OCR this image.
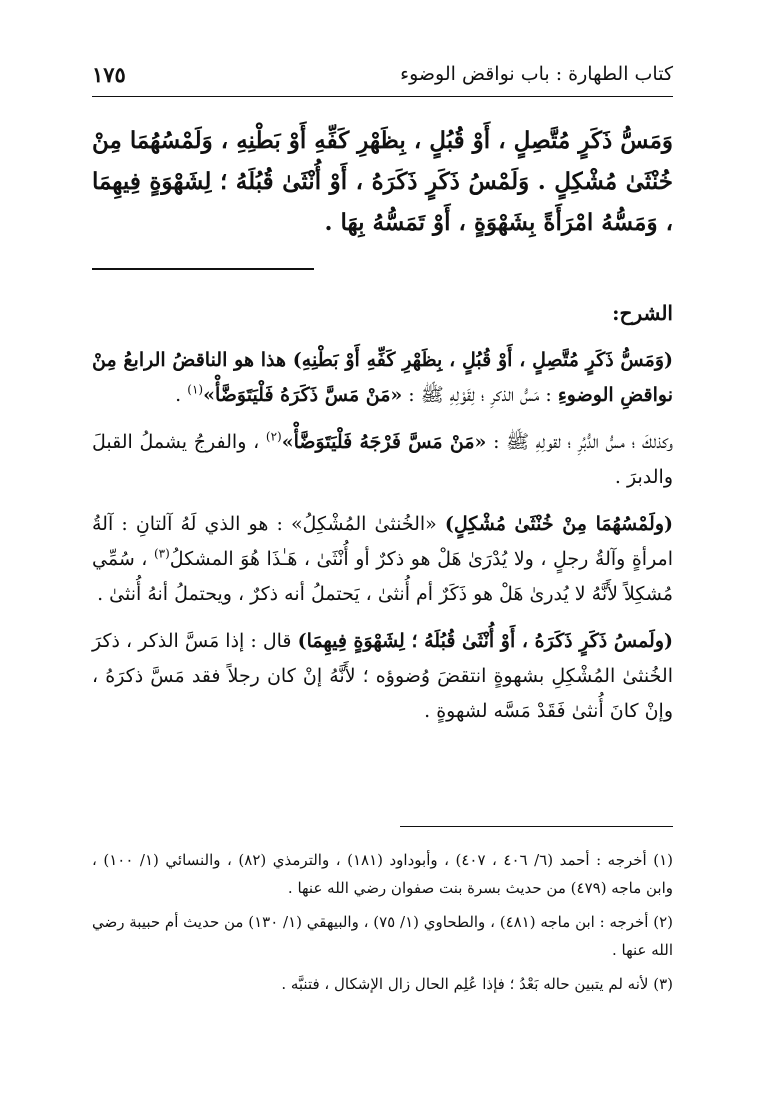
كتاب الطهارة : باب نواقض الوضوء
١٧٥

وَمَسُّ ذَكَرٍ مُتَّصِلٍ ، أَوْ قُبُلٍ ، بِظَهْرِ كَفِّهِ أَوْ بَطْنِهِ ، وَلَمْسُهُمَا مِنْ خُنْثَىٰ مُشْكِلٍ . وَلَمْسُ ذَكَرٍ ذَكَرَهُ ، أَوْ أُنْثَىٰ قُبُلَهُ ؛ لِشَهْوَةٍ فِيهِمَا ، وَمَسُّهُ امْرَأَةً بِشَهْوَةٍ ، أَوْ تَمَسُّهُ بِهَا .

الشرح:

(وَمَسُّ ذَكَرٍ مُتَّصِلٍ ، أَوْ قُبُلٍ ، بِظَهْرِ كَفِّهِ أَوْ بَطْنِهِ) هذا هو الناقضُ الرابعُ مِنْ نواقضِ الوضوءِ : مَسُّ الذكرِ ؛ لِقَوْلِهِ ﷺ : «مَنْ مَسَّ ذَكَرَهُ فَلْيَتَوَضَّأْ»$^{(١)}$ .

وكذلكَ ؛ مسُّ الدُّبُرِ ؛ لقولِهِ ﷺ : «مَنْ مَسَّ فَرْجَهُ فَلْيَتَوَضَّأْ»$^{(٢)}$ ، والفرجُ يشملُ القبلَ والدبرَ .

(ولَمْسُهُمَا مِنْ خُنْثَىٰ مُشْكِلٍ) «الخُنثىٰ المُشْكِلُ» : هو الذي لَهُ آلتانِ : آلةُ امرأةٍ وآلةُ رجلٍ ، ولا يُدْرَىٰ هَلْ هو ذكرٌ أو أُنْثَىٰ ، هَـٰذَا هُوَ المشكلُ$^{(٣)}$ ، سُمِّي مُشكِلاً لأَنَّهُ لا يُدرىٰ هَلْ هو ذَكَرٌ أم أُنثىٰ ، يَحتملُ أنه ذكرٌ ، ويحتملُ أنهُ أُنثىٰ .

(ولَمسُ ذَكَرٍ ذَكَرَهُ ، أَوْ أُنْثَىٰ قُبُلَهُ ؛ لِشَهْوَةٍ فِيهِمَا) قال : إذا مَسَّ الذكر ، ذكرَ الخُنثىٰ المُشْكِلِ بشهوةٍ انتقضَ وُضوؤه ؛ لأَنَّهُ إنْ كان رجلاً فقد مَسَّ ذكرَهُ ، وإنْ كانَ أُنثىٰ فَقَدْ مَسَّه لشهوةٍ .

(١) أخرجه : أحمد (٦/ ٤٠٦ ، ٤٠٧) ، وأبوداود (١٨١) ، والترمذي (٨٢) ، والنسائي (١/ ١٠٠) ، وابن ماجه (٤٧٩) من حديث بسرة بنت صفوان رضي الله عنها .

(٢) أخرجه : ابن ماجه (٤٨١) ، والطحاوي (١/ ٧٥) ، والبيهقي (١/ ١٣٠) من حديث أم حبيبة رضي الله عنها .

(٣) لأنه لم يتبين حاله بَعْدُ ؛ فإذا عُلِم الحال زال الإشكال ، فتنبَّه .
